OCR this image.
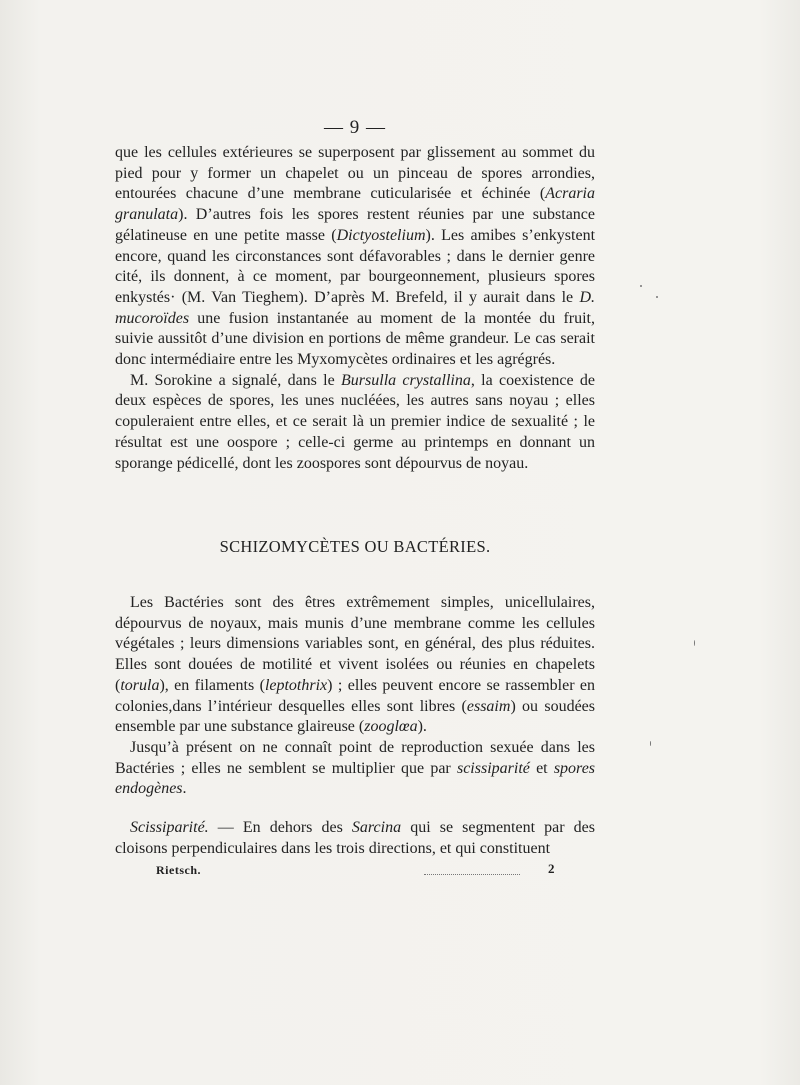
— 9 —

que les cellules extérieures se superposent par glissement au sommet du pied pour y former un chapelet ou un pinceau de spores arrondies, entourées chacune d’une membrane cuticularisée et échinée (Acraria granulata). D’autres fois les spores restent réunies par une substance gélatineuse en une petite masse (Dictyostelium). Les amibes s’enkystent encore, quand les circonstances sont défavorables ; dans le dernier genre cité, ils donnent, à ce moment, par bourgeonnement, plusieurs spores enkystés· (M. Van Tieghem). D’après M. Brefeld, il y aurait dans le D. mucoroïdes une fusion instantanée au moment de la montée du fruit, suivie aussitôt d’une division en portions de même grandeur. Le cas serait donc intermédiaire entre les Myxomycètes ordinaires et les agrégrés.

M. Sorokine a signalé, dans le Bursulla crystallina, la coexistence de deux espèces de spores, les unes nucléées, les autres sans noyau ; elles copuleraient entre elles, et ce serait là un premier indice de sexualité ; le résultat est une oospore ; celle-ci germe au printemps en donnant un sporange pédicellé, dont les zoospores sont dépourvus de noyau.

SCHIZOMYCÈTES OU BACTÉRIES.

Les Bactéries sont des êtres extrêmement simples, unicellulaires, dépourvus de noyaux, mais munis d’une membrane comme les cellules végétales ; leurs dimensions variables sont, en général, des plus réduites. Elles sont douées de motilité et vivent isolées ou réunies en chapelets (torula), en filaments (leptothrix) ; elles peuvent encore se rassembler en colonies,dans l’intérieur desquelles elles sont libres (essaim) ou soudées ensemble par une substance glaireuse (zooglœa).

Jusqu’à présent on ne connaît point de reproduction sexuée dans les Bactéries ; elles ne semblent se multiplier que par scissiparité et spores endogènes.

Scissiparité. — En dehors des Sarcina qui se segmentent par des cloisons perpendiculaires dans les trois directions, et qui constituent

Rietsch.	2
